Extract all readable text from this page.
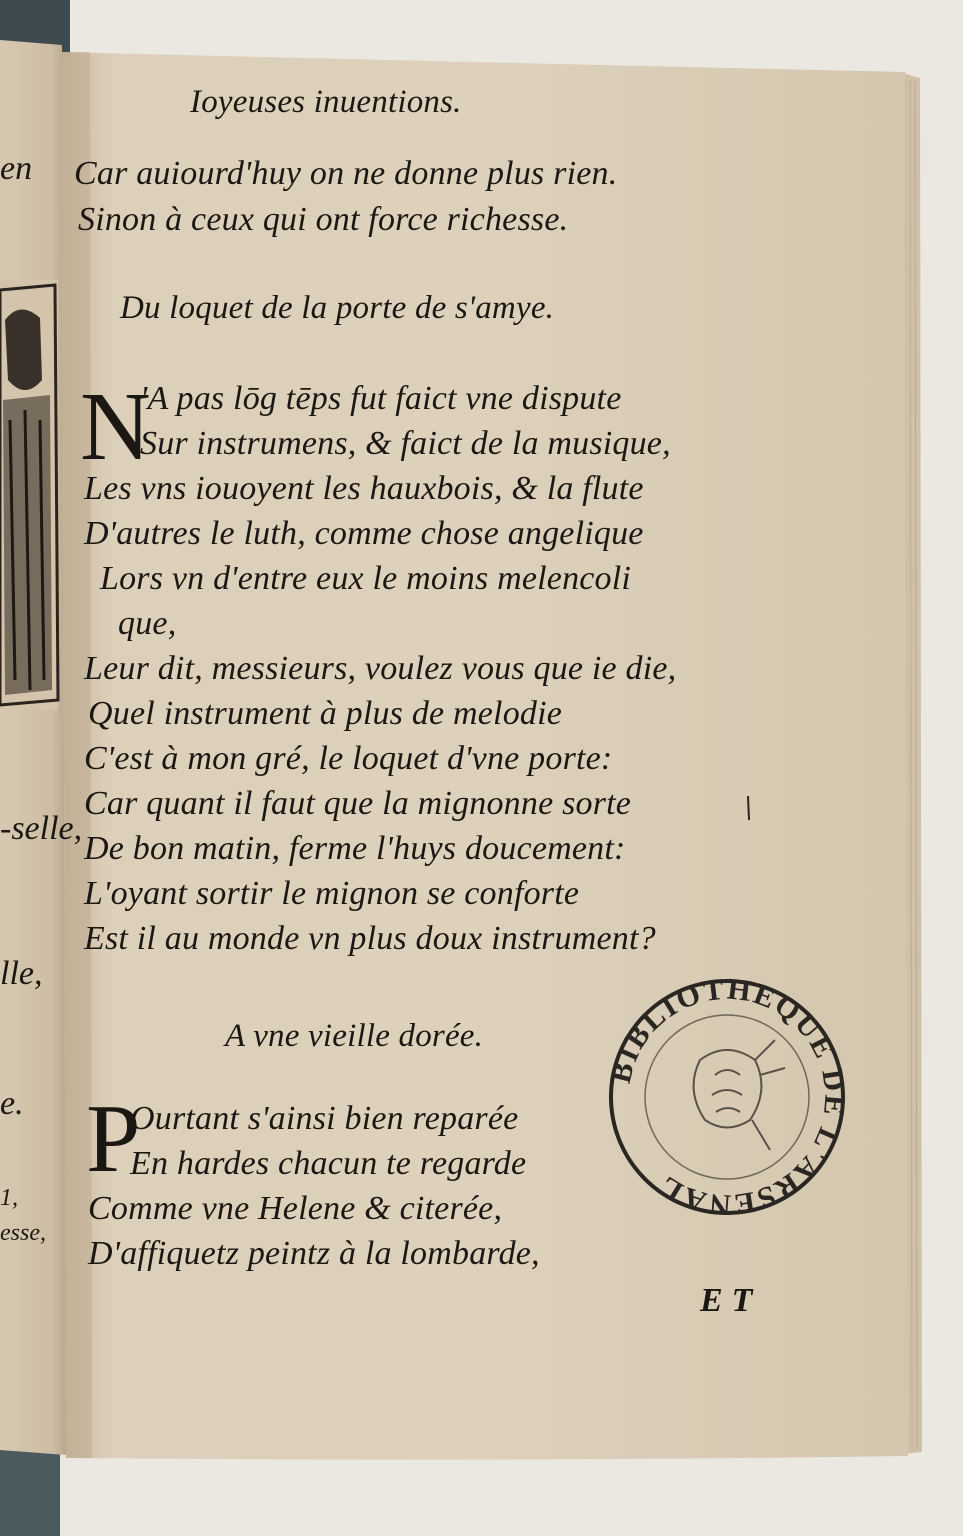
BIBLIOTHEQUE DE L'ARSENAL
Ioyeuses inuentions.
Car auiourd'huy on ne donne plus rien.
Sinon à ceux qui ont force richesse.
Du loquet de la porte de s'amye.
N
'A pas lōg tēps fut faict vne dispute
Sur instrumens, & faict de la musique,
Les vns iouoyent les hauxbois, & la flute
D'autres le luth, comme chose angelique
Lors vn d'entre eux le moins melencoli
que,
Leur dit, messieurs, voulez vous que ie die,
Quel instrument à plus de melodie
C'est à mon gré, le loquet d'vne porte:
Car quant il faut que la mignonne sorte
De bon matin, ferme l'huys doucement:
L'oyant sortir le mignon se conforte
Est il au monde vn plus doux instrument?
A vne vieille dorée.
P
Ourtant s'ainsi bien reparée
En hardes chacun te regarde
Comme vne Helene & citerée,
D'affiquetz peintz à la lombarde,
E T
en
-selle,
lle,
e.
1,
esse,
